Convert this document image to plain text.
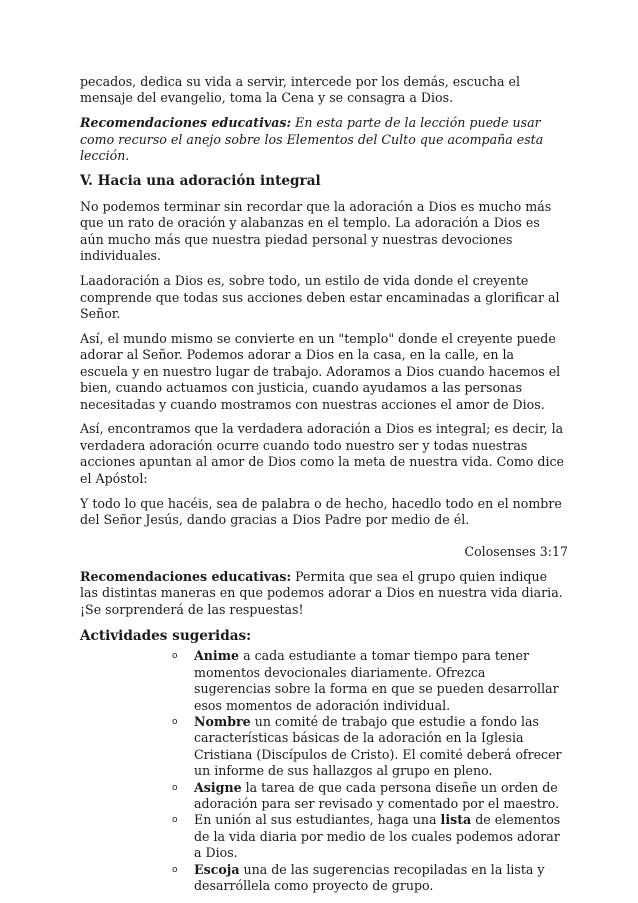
pecados, dedica su vida a servir, intercede por los demás, escucha el mensaje del evangelio, toma la Cena y se consagra a Dios.

Recomendaciones educativas: En esta parte de la lección puede usar como recurso el anejo sobre los Elementos del Culto que acompaña esta lección.

V. Hacia una adoración integral

No podemos terminar sin recordar que la adoración a Dios es mucho más que un rato de oración y alabanzas en el templo. La adoración a Dios es aún mucho más que nuestra piedad personal y nuestras devociones individuales.

Laadoración a Dios es, sobre todo, un estilo de vida donde el creyente comprende que todas sus acciones deben estar encaminadas a glorificar al Señor.

Así, el mundo mismo se convierte en un "templo" donde el creyente puede adorar al Señor. Podemos adorar a Dios en la casa, en la calle, en la escuela y en nuestro lugar de trabajo. Adoramos a Dios cuando hacemos el bien, cuando actuamos con justicia, cuando ayudamos a las personas necesitadas y cuando mostramos con nuestras acciones el amor de Dios.

Así, encontramos que la verdadera adoración a Dios es integral; es decir, la verdadera adoración ocurre cuando todo nuestro ser y todas nuestras acciones apuntan al amor de Dios como la meta de nuestra vida. Como dice el Apóstol:

Y todo lo que hacéis, sea de palabra o de hecho, hacedlo todo en el nombre del Señor Jesús, dando gracias a Dios Padre por medio de él.

Colosenses 3:17

Recomendaciones educativas: Permita que sea el grupo quien indique las distintas maneras en que podemos adorar a Dios en nuestra vida diaria. ¡Se sorprenderá de las respuestas!

Actividades sugeridas:
o Anime a cada estudiante a tomar tiempo para tener momentos devocionales diariamente. Ofrezca sugerencias sobre la forma en que se pueden desarrollar esos momentos de adoración individual.
o Nombre un comité de trabajo que estudie a fondo las características básicas de la adoración en la Iglesia Cristiana (Discípulos de Cristo). El comité deberá ofrecer un informe de sus hallazgos al grupo en pleno.
o Asigne la tarea de que cada persona diseñe un orden de adoración para ser revisado y comentado por el maestro.
o En unión al sus estudiantes, haga una lista de elementos de la vida diaria por medio de los cuales podemos adorar a Dios.
o Escoja una de las sugerencias recopiladas en la lista y desarróllela como proyecto de grupo.
